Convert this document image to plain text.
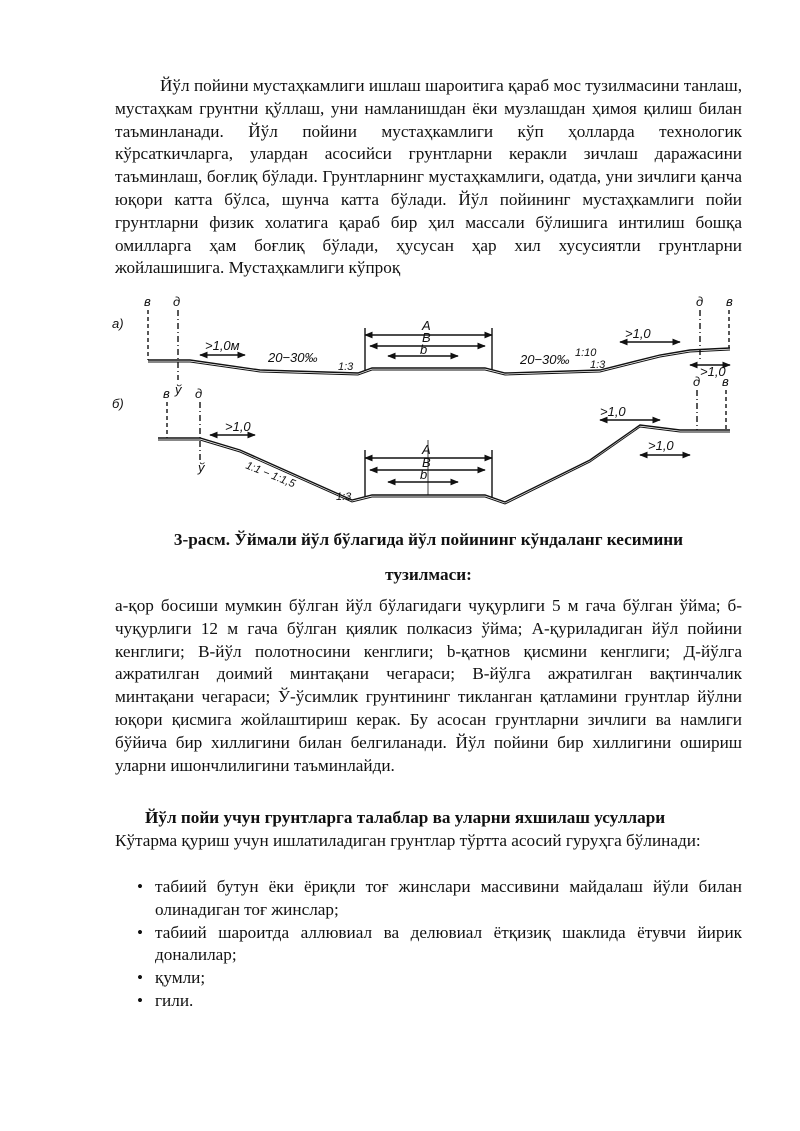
Йўл пойини мустаҳкамлиги ишлаш шароитига қараб мос тузилмасини танлаш, мустаҳкам грунтни қўллаш, уни намланишдан ёки музлашдан ҳимоя қилиш билан таъминланади. Йўл пойини мустаҳкамлиги кўп ҳолларда технологик кўрсаткичларга, улардан асосийси грунтларни керакли зичлаш даражасини таъминлаш, боғлиқ бўлади. Грунтларнинг мустаҳкамлиги, одатда, уни зичлиги қанча юқори катта бўлса, шунча катта бўлади. Йўл пойининг мустаҳкамлиги пойи грунтларни физик холатига қараб бир ҳил массали бўлишига интилиш бошқа омилларга ҳам боғлиқ бўлади, ҳусусан ҳар хил хусусиятли грунтларни жойлашишига. Мустаҳкамлиги кўпроқ
а)
в д	д в
A
В
b
ў
>1,0м
20−30‰	20−30‰
1:3
1:10
1:3
>1,0
>1,0
б)
в д
д в
A
В
b
ў
>1,0
1:1 − 1:1,5
1:3
>1,0
>1,0
3-расм. Ўймали йўл бўлагида йўл пойининг кўндаланг кесимини
тузилмаси:
а-қор босиши мумкин бўлган йўл бўлагидаги чуқурлиги 5 м гача бўлган ўйма; б-чуқурлиги 12 м гача бўлган қиялик полкасиз ўйма; А-қуриладиган йўл пойини кенглиги; В-йўл полотносини кенглиги; b-қатнов қисмини кенглиги; Д-йўлга ажратилган доимий минтақани чегараси; В-йўлга ажратилган вақтинчалик минтақани чегараси; Ў-ўсимлик грунтининг тикланган қатламини грунтлар йўлни юқори қисмига жойлаштириш керак. Бу асосан грунтларни зичлиги ва намлиги бўйича бир хиллигини билан белгиланади. Йўл пойини бир хиллигини ошириш уларни ишончлилигини таъминлайди.
Йўл пойи учун грунтларга талаблар ва уларни яхшилаш усуллари
Кўтарма қуриш учун ишлатиладиган грунтлар тўртта асосий гуруҳга бўлинади:
• табиий бутун ёки ёриқли тоғ жинслари массивини майдалаш йўли билан олинадиган тоғ жинслар;
• табиий шароитда аллювиал ва делювиал ётқизиқ шаклида ётувчи йирик доналилар;
• қумли;
• гили.
